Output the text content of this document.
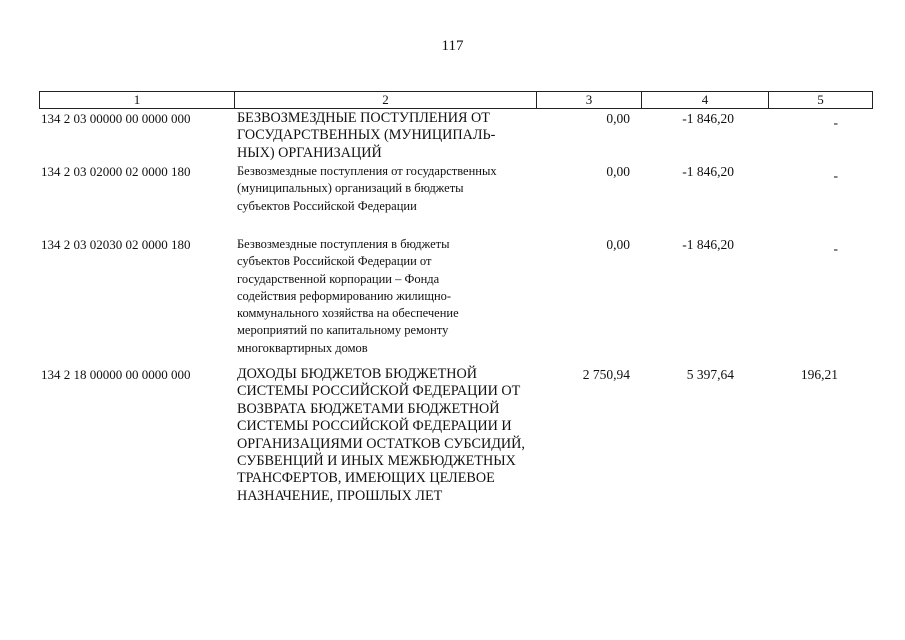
117
1	2	3	4	5
134 2 03 00000 00 0000 000	БЕЗВОЗМЕЗДНЫЕ ПОСТУПЛЕНИЯ ОТ
ГОСУДАРСТВЕННЫХ (МУНИЦИПАЛЬ-
НЫХ) ОРГАНИЗАЦИЙ
0,00	-1 846,20	-
134 2 03 02000 02 0000 180	Безвозмездные поступления от государственных
(муниципальных) организаций в бюджеты
субъектов Российской Федерации
0,00	-1 846,20	-
134 2 03 02030 02 0000 180	Безвозмездные поступления в бюджеты
субъектов Российской Федерации от
государственной корпорации – Фонда
содействия реформированию жилищно-
коммунального хозяйства на обеспечение
мероприятий по капитальному ремонту
многоквартирных домов
0,00	-1 846,20	-
134 2 18 00000 00 0000 000	ДОХОДЫ БЮДЖЕТОВ БЮДЖЕТНОЙ
СИСТЕМЫ РОССИЙСКОЙ ФЕДЕРАЦИИ ОТ
ВОЗВРАТА БЮДЖЕТАМИ БЮДЖЕТНОЙ
СИСТЕМЫ РОССИЙСКОЙ ФЕДЕРАЦИИ И
ОРГАНИЗАЦИЯМИ ОСТАТКОВ СУБСИДИЙ,
СУБВЕНЦИЙ И ИНЫХ МЕЖБЮДЖЕТНЫХ
ТРАНСФЕРТОВ, ИМЕЮЩИХ ЦЕЛЕВОЕ
НАЗНАЧЕНИЕ, ПРОШЛЫХ ЛЕТ
2 750,94	5 397,64	196,21
